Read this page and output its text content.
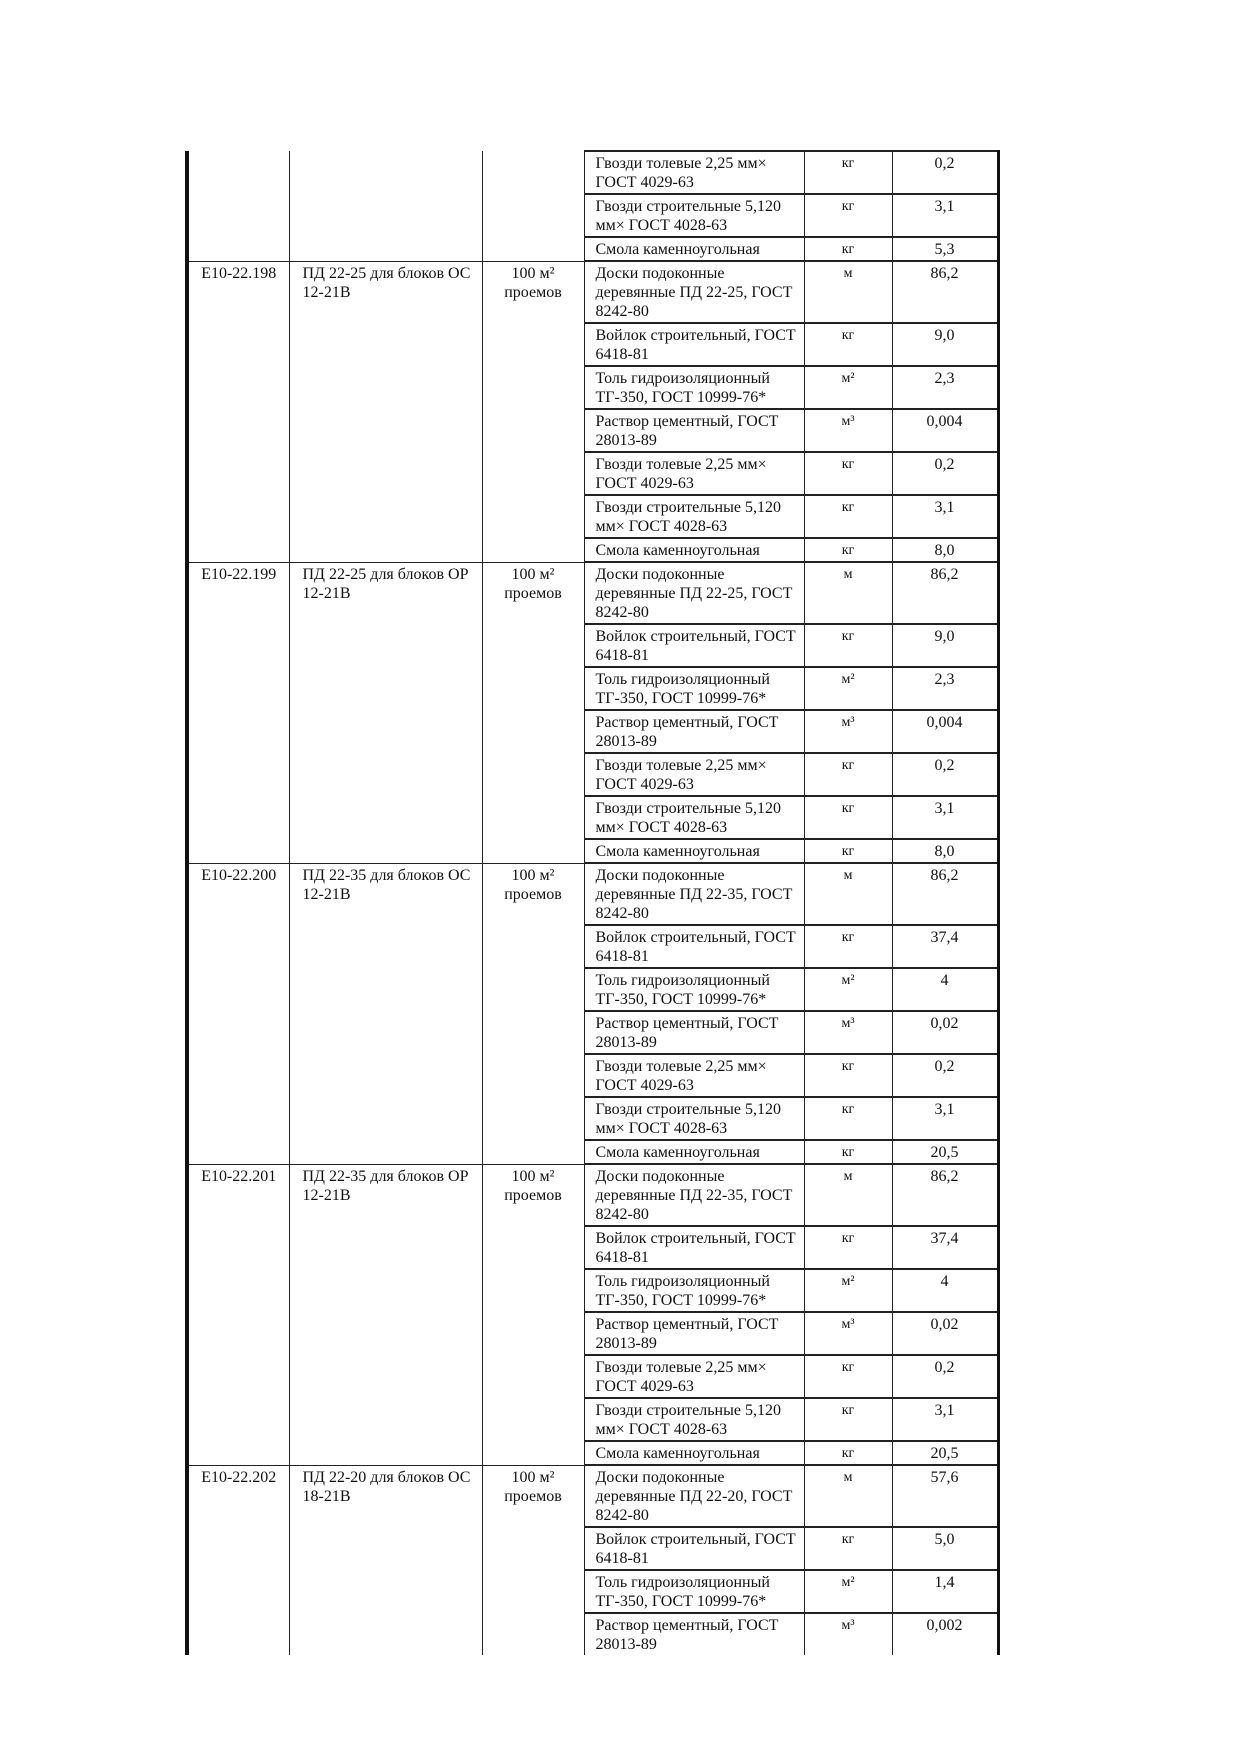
			Гвозди толевые 2,25 мм× ГОСТ 4029-63	кг	0,2
			Гвозди строительные 5,120 мм× ГОСТ 4028-63	кг	3,1
			Смола каменноугольная	кг	5,3
Е10-22.198	ПД 22-25 для блоков ОС 12-21В	100 м² проемов	Доски подоконные деревянные ПД 22-25, ГОСТ 8242-80	м	86,2
			Войлок строительный, ГОСТ 6418-81	кг	9,0
			Толь гидроизоляционный ТГ-350, ГОСТ 10999-76*	м²	2,3
			Раствор цементный, ГОСТ 28013-89	м³	0,004
			Гвозди толевые 2,25 мм× ГОСТ 4029-63	кг	0,2
			Гвозди строительные 5,120 мм× ГОСТ 4028-63	кг	3,1
			Смола каменноугольная	кг	8,0
Е10-22.199	ПД 22-25 для блоков ОР 12-21В	100 м² проемов	Доски подоконные деревянные ПД 22-25, ГОСТ 8242-80	м	86,2
			Войлок строительный, ГОСТ 6418-81	кг	9,0
			Толь гидроизоляционный ТГ-350, ГОСТ 10999-76*	м²	2,3
			Раствор цементный, ГОСТ 28013-89	м³	0,004
			Гвозди толевые 2,25 мм× ГОСТ 4029-63	кг	0,2
			Гвозди строительные 5,120 мм× ГОСТ 4028-63	кг	3,1
			Смола каменноугольная	кг	8,0
Е10-22.200	ПД 22-35 для блоков ОС 12-21В	100 м² проемов	Доски подоконные деревянные ПД 22-35, ГОСТ 8242-80	м	86,2
			Войлок строительный, ГОСТ 6418-81	кг	37,4
			Толь гидроизоляционный ТГ-350, ГОСТ 10999-76*	м²	4
			Раствор цементный, ГОСТ 28013-89	м³	0,02
			Гвозди толевые 2,25 мм× ГОСТ 4029-63	кг	0,2
			Гвозди строительные 5,120 мм× ГОСТ 4028-63	кг	3,1
			Смола каменноугольная	кг	20,5
Е10-22.201	ПД 22-35 для блоков ОР 12-21В	100 м² проемов	Доски подоконные деревянные ПД 22-35, ГОСТ 8242-80	м	86,2
			Войлок строительный, ГОСТ 6418-81	кг	37,4
			Толь гидроизоляционный ТГ-350, ГОСТ 10999-76*	м²	4
			Раствор цементный, ГОСТ 28013-89	м³	0,02
			Гвозди толевые 2,25 мм× ГОСТ 4029-63	кг	0,2
			Гвозди строительные 5,120 мм× ГОСТ 4028-63	кг	3,1
			Смола каменноугольная	кг	20,5
Е10-22.202	ПД 22-20 для блоков ОС 18-21В	100 м² проемов	Доски подоконные деревянные ПД 22-20, ГОСТ 8242-80	м	57,6
			Войлок строительный, ГОСТ 6418-81	кг	5,0
			Толь гидроизоляционный ТГ-350, ГОСТ 10999-76*	м²	1,4
			Раствор цементный, ГОСТ 28013-89	м³	0,002
